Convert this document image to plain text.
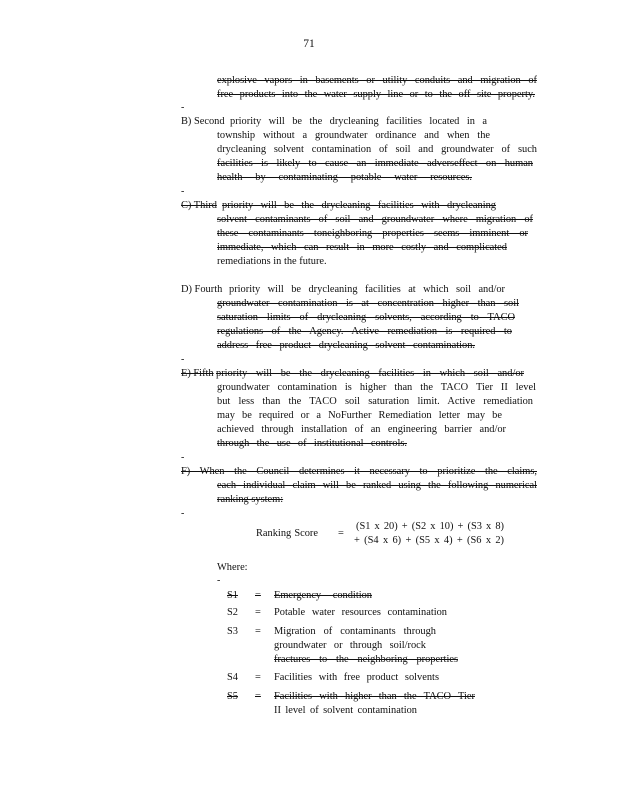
71
explosive vapors in basements or utility conduits and migration of
free products into the water supply line or to the off site property.
-
B) Second priority will be the drycleaning facilities located in a
township without a groundwater ordinance and when the
drycleaning solvent contamination of soil and groundwater of such
facilities is likely to cause an immediate adverseffect on human
health by contaminating potable water resources.
-
C) Third priority will be the drycleaning facilities with drycleaning
solvent contaminants of soil and groundwater where migration of
these contaminants toneighboring properties seems imminent or
immediate, which can result in more costly and complicated
remediations in the future.
D) Fourth priority will be drycleaning facilities at which soil and/or
groundwater contamination is at concentration higher than soil
saturation limits of drycleaning solvents, according to TACO
regulations of the Agency. Active remediation is required to
address free product drycleaning solvent contamination.
-
E) Fifth priority will be the drycleaning facilities in which soil and/or
groundwater contamination is higher than the TACO Tier II level
but less than the TACO soil saturation limit. Active remediation
may be required or a NoFurther Remediation letter may be
achieved through installation of an engineering barrier and/or
through the use of institutional controls.
-
F) When the Council determines it necessary to prioritize the claims,
each individual claim will be ranked using the following numerical
ranking system:
-
Ranking Score =
(S1 x 20) + (S2 x 10) + (S3 x 8)
+ (S4 x 6) + (S5 x 4) + (S6 x 2)
Where:
-
S1 = Emergency condition
S2 = Potable water resources contamination
S3 = Migration of contaminants through
groundwater or through soil/rock
fractures to the neighboring properties
S4 = Facilities with free product solvents
S5 = Facilities with higher than the TACO Tier
II level of solvent contamination
